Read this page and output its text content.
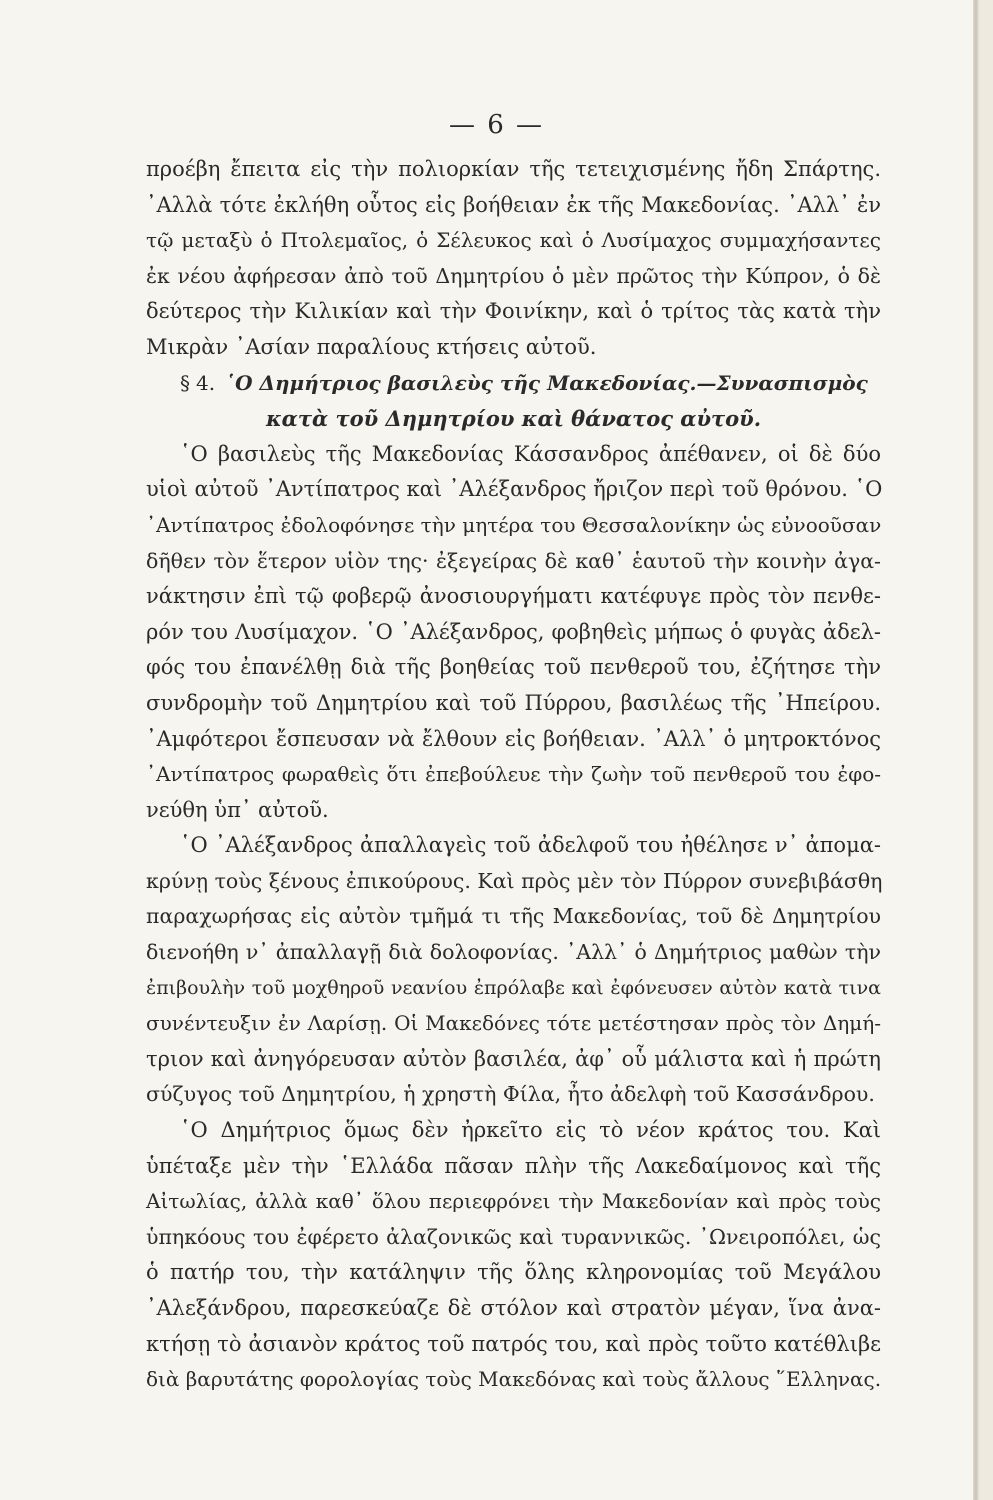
— 6 —
προέβη ἔπειτα εἰς τὴν πολιορκίαν τῆς τετειχισμένης ἤδη Σπάρτης.
᾽Αλλὰ τότε ἐκλήθη οὗτος εἰς βοήθειαν ἐκ τῆς Μακεδονίας. ᾽Αλλ᾽ ἐν
τῷ μεταξὺ ὁ Πτολεμαῖος, ὁ Σέλευκος καὶ ὁ Λυσίμαχος συμμαχήσαντες
ἐκ νέου ἀφήρεσαν ἀπὸ τοῦ Δημητρίου ὁ μὲν πρῶτος τὴν Κύπρον, ὁ δὲ
δεύτερος τὴν Κιλικίαν καὶ τὴν Φοινίκην, καὶ ὁ τρίτος τὰς κατὰ τὴν
Μικρὰν ᾽Ασίαν παραλίους κτήσεις αὐτοῦ.
§ 4. ῾Ο Δημήτριος βασιλεὺς τῆς Μακεδονίας.—Συνασπισμὸς
κατὰ τοῦ Δημητρίου καὶ θάνατος αὐτοῦ.
῾Ο βασιλεὺς τῆς Μακεδονίας Κάσσανδρος ἀπέθανεν, οἱ δὲ δύο
υἱοὶ αὐτοῦ ᾽Αντίπατρος καὶ ᾽Αλέξανδρος ἤριζον περὶ τοῦ θρόνου. ῾Ο
᾽Αντίπατρος ἐδολοφόνησε τὴν μητέρα του Θεσσαλονίκην ὡς εὐνοοῦσαν
δῆθεν τὸν ἕτερον υἱὸν της· ἐξεγείρας δὲ καθ᾽ ἑαυτοῦ τὴν κοινὴν ἀγα-
νάκτησιν ἐπὶ τῷ φοβερῷ ἀνοσιουργήματι κατέφυγε πρὸς τὸν πενθε-
ρόν του Λυσίμαχον. ῾Ο ᾽Αλέξανδρος, φοβηθεὶς μήπως ὁ φυγὰς ἀδελ-
φός του ἐπανέλθῃ διὰ τῆς βοηθείας τοῦ πενθεροῦ του, ἐζήτησε τὴν
συνδρομὴν τοῦ Δημητρίου καὶ τοῦ Πύρρου, βασιλέως τῆς ᾽Ηπείρου.
᾽Αμφότεροι ἔσπευσαν νὰ ἔλθουν εἰς βοήθειαν. ᾽Αλλ᾽ ὁ μητροκτόνος
᾽Αντίπατρος φωραθεὶς ὅτι ἐπεβούλευε τὴν ζωὴν τοῦ πενθεροῦ του ἐφο-
νεύθη ὑπ᾽ αὐτοῦ.
῾Ο ᾽Αλέξανδρος ἀπαλλαγεὶς τοῦ ἀδελφοῦ του ἠθέλησε ν᾽ ἀπομα-
κρύνῃ τοὺς ξένους ἐπικούρους. Καὶ πρὸς μὲν τὸν Πύρρον συνεβιβάσθη
παραχωρήσας εἰς αὐτὸν τμῆμά τι τῆς Μακεδονίας, τοῦ δὲ Δημητρίου
διενοήθη ν᾽ ἀπαλλαγῇ διὰ δολοφονίας. ᾽Αλλ᾽ ὁ Δημήτριος μαθὼν τὴν
ἐπιβουλὴν τοῦ μοχθηροῦ νεανίου ἐπρόλαβε καὶ ἐφόνευσεν αὐτὸν κατὰ τινα
συνέντευξιν ἐν Λαρίσῃ. Οἱ Μακεδόνες τότε μετέστησαν πρὸς τὸν Δημή-
τριον καὶ ἀνηγόρευσαν αὐτὸν βασιλέα, ἀφ᾽ οὗ μάλιστα καὶ ἡ πρώτη
σύζυγος τοῦ Δημητρίου, ἡ χρηστὴ Φίλα, ἦτο ἀδελφὴ τοῦ Κασσάνδρου.
῾Ο Δημήτριος ὅμως δὲν ἠρκεῖτο εἰς τὸ νέον κράτος του. Καὶ
ὑπέταξε μὲν τὴν ῾Ελλάδα πᾶσαν πλὴν τῆς Λακεδαίμονος καὶ τῆς
Αἰτωλίας, ἀλλὰ καθ᾽ ὅλου περιεφρόνει τὴν Μακεδονίαν καὶ πρὸς τοὺς
ὑπηκόους του ἐφέρετο ἀλαζονικῶς καὶ τυραννικῶς. ᾽Ωνειροπόλει, ὡς
ὁ πατήρ του, τὴν κατάληψιν τῆς ὅλης κληρονομίας τοῦ Μεγάλου
᾽Αλεξάνδρου, παρεσκεύαζε δὲ στόλον καὶ στρατὸν μέγαν, ἵνα ἀνα-
κτήσῃ τὸ ἀσιανὸν κράτος τοῦ πατρός του, καὶ πρὸς τοῦτο κατέθλιβε
διὰ βαρυτάτης φορολογίας τοὺς Μακεδόνας καὶ τοὺς ἄλλους ῞Ελληνας.
